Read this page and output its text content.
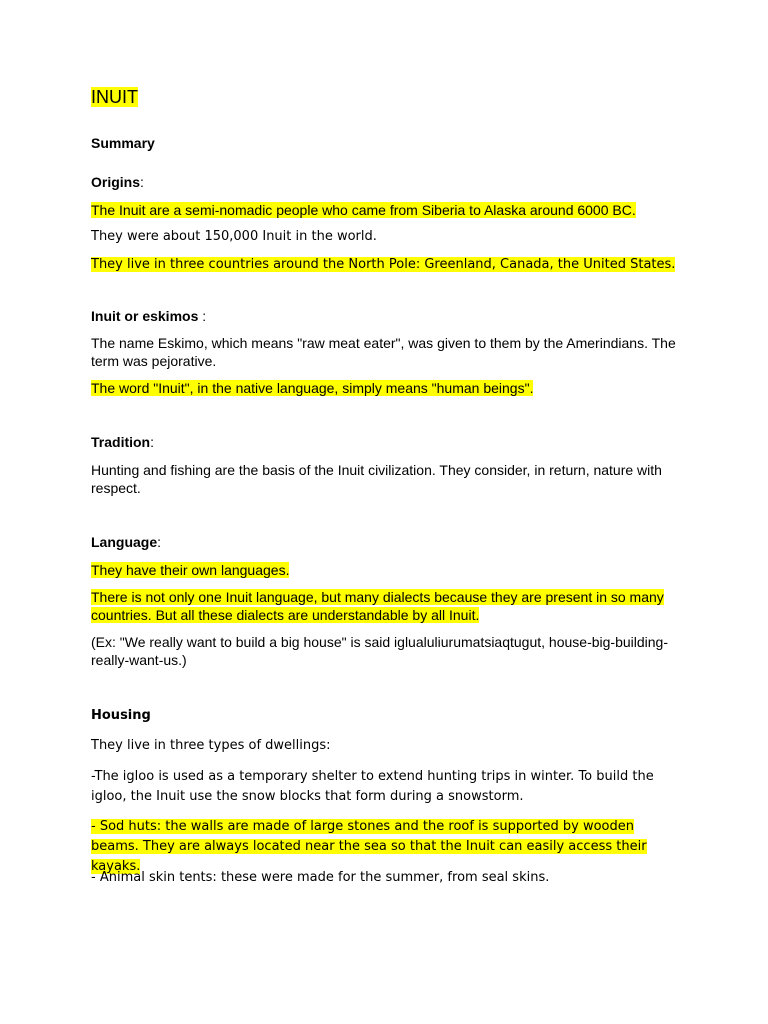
INUIT

Summary

Origins:

The Inuit are a semi-nomadic people who came from Siberia to Alaska around 6000 BC.

They were about 150,000 Inuit in the world.

They live in three countries around the North Pole: Greenland, Canada, the United States.

Inuit or eskimos :

The name Eskimo, which means "raw meat eater", was given to them by the Amerindians. The term was pejorative.

The word "Inuit", in the native language, simply means "human beings".

Tradition:

Hunting and fishing are the basis of the Inuit civilization. They consider, in return, nature with respect.

Language:

They have their own languages.

There is not only one Inuit language, but many dialects because they are present in so many countries. But all these dialects are understandable by all Inuit.

(Ex: "We really want to build a big house" is said iglualuliurumatsiaqtugut, house-big-building-really-want-us.)

Housing

They live in three types of dwellings:

-The igloo is used as a temporary shelter to extend hunting trips in winter. To build the igloo, the Inuit use the snow blocks that form during a snowstorm.

- Sod huts: the walls are made of large stones and the roof is supported by wooden beams. They are always located near the sea so that the Inuit can easily access their kayaks.

- Animal skin tents: these were made for the summer, from seal skins.
